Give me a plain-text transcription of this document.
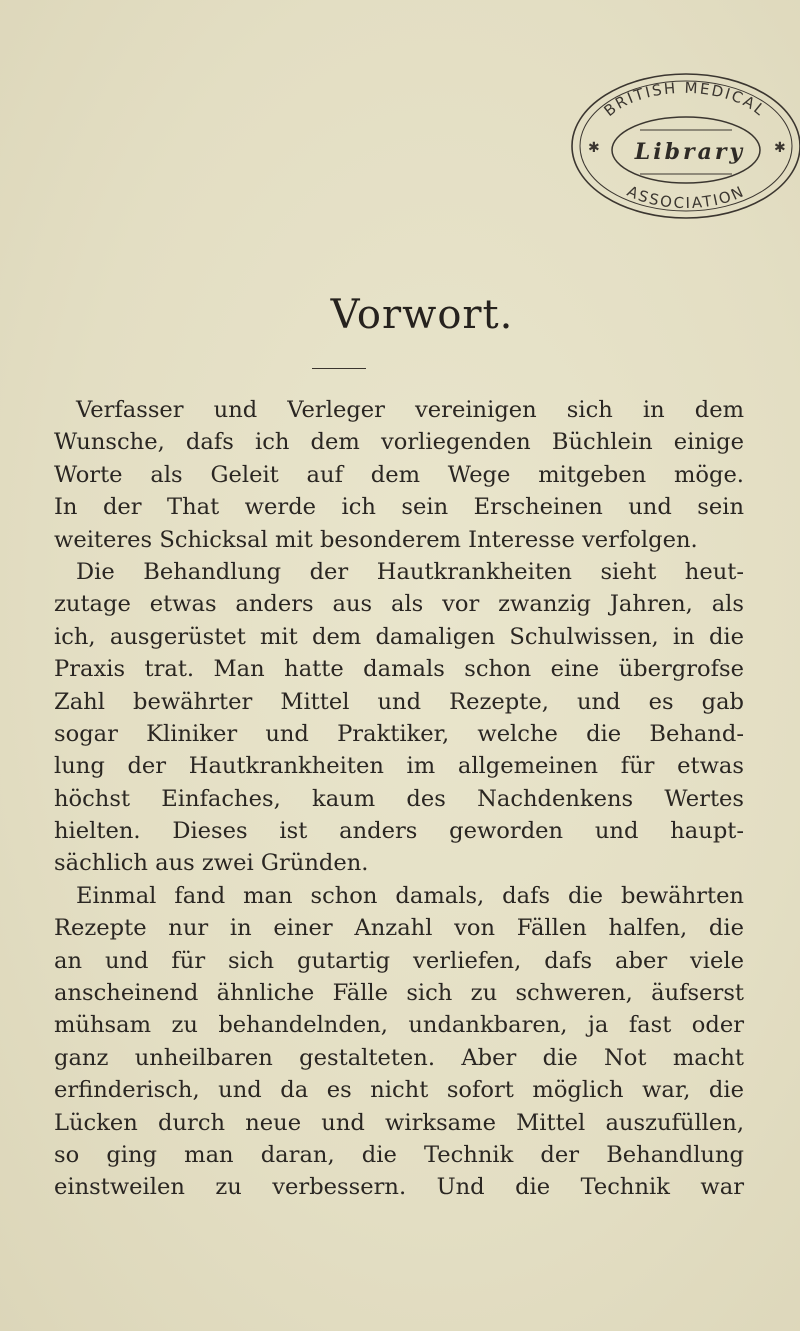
BRITISH MEDICAL
ASSOCIATION
Library
✱	✱
Vorwort.
Verfasser und Verleger vereinigen sich in dem
Wunsche, dafs ich dem vorliegenden Büchlein einige
Worte als Geleit auf dem Wege mitgeben möge.
In der That werde ich sein Erscheinen und sein
weiteres Schicksal mit besonderem Interesse verfolgen.
Die Behandlung der Hautkrankheiten sieht heut-
zutage etwas anders aus als vor zwanzig Jahren, als
ich, ausgerüstet mit dem damaligen Schulwissen, in die
Praxis trat. Man hatte damals schon eine übergrofse
Zahl bewährter Mittel und Rezepte, und es gab
sogar Kliniker und Praktiker, welche die Behand-
lung der Hautkrankheiten im allgemeinen für etwas
höchst Einfaches, kaum des Nachdenkens Wertes
hielten. Dieses ist anders geworden und haupt-
sächlich aus zwei Gründen.
Einmal fand man schon damals, dafs die bewährten
Rezepte nur in einer Anzahl von Fällen halfen, die
an und für sich gutartig verliefen, dafs aber viele
anscheinend ähnliche Fälle sich zu schweren, äufserst
mühsam zu behandelnden, undankbaren, ja fast oder
ganz unheilbaren gestalteten. Aber die Not macht
erfinderisch, und da es nicht sofort möglich war, die
Lücken durch neue und wirksame Mittel auszufüllen,
so ging man daran, die Technik der Behandlung
einstweilen zu verbessern. Und die Technik war
